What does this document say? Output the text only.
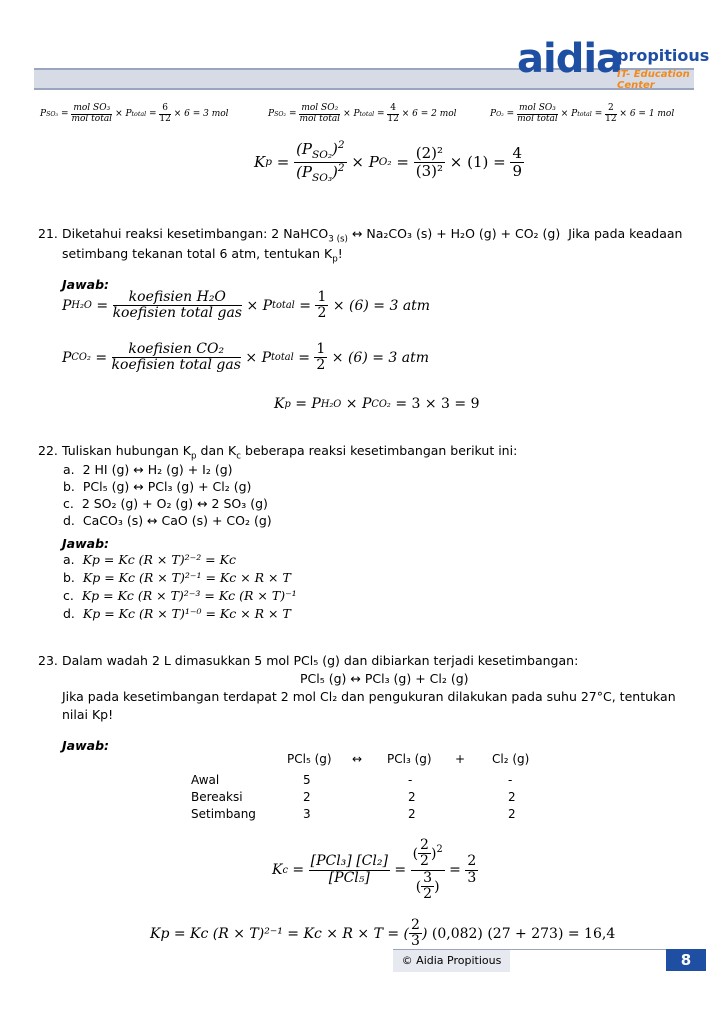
aidia
propitious
IT- Education Center
P $SO_3 = \frac{\text{mol SO₃}}{\text{mol total}}$
× P total = $\frac{6}{12}$
× 6 = 3 mol	P $SO_2 = \frac{\text{mol SO₂}}{\text{mol total}}$
× P total = $\frac{4}{12}$
× 6 = 2 mol	P $O_2 = \frac{\text{mol SO₃}}{\text{mol total}}$
× P total = $\frac{2}{12}$
× 6 = 1 mol
K $p = \frac{(P_{SO_2})^2}{(P_{SO_3})^2}$
× P $O_2 = \frac{\text{(2)²}}{\text{(3)²}}$
× (1) =
$\frac{4}{9}$
21. Diketahui reaksi kesetimbangan: 2 NaHCO$_{3 (s)}$ ↔ Na₂CO₃ (s) + H₂O (g) + CO₂ (g) Jika pada keadaan
setimbang tekanan total 6 atm, tentukan $K_p$!
Jawab:
P $H_2O = \frac{\text{koefisien H₂O}}{\text{koefisien total gas}}$
× P total = $\frac{1}{2}$
× (6) = 3 atm
P $CO_2 = \frac{\text{koefisien CO₂}}{\text{koefisien total gas}}$
× P total = $\frac{1}{2}$
× (6) = 3 atm
K p
= P H₂O
× P CO₂
= 3 × 3 = 9
22. Tuliskan hubungan $K_p$ dan $K_c$ beberapa reaksi kesetimbangan berikut ini:
a. 2 HI (g) ↔ H₂ (g) + I₂ (g)
b. PCl₅ (g) ↔ PCl₃ (g) + Cl₂ (g)
c. 2 SO₂ (g) + O₂ (g) ↔ 2 SO₃ (g)
d. CaCO₃ (s) ↔ CaO (s) + CO₂ (g)
Jawab:
a. Kp = Kc (R × T)²⁻² = Kc
b. Kp = Kc (R × T)²⁻¹ = Kc × R × T
c. Kp = Kc (R × T)²⁻³ = Kc (R × T)⁻¹
d. Kp = Kc (R × T)¹⁻⁰ = Kc × R × T
23. Dalam wadah 2 L dimasukkan 5 mol PCl₅ (g) dan dibiarkan terjadi kesetimbangan:
PCl₅ (g) ↔ PCl₃ (g) + Cl₂ (g)
Jika pada kesetimbangan terdapat 2 mol Cl₂ dan pengukuran dilakukan pada suhu 27°C, tentukan
nilai Kp!
Jawab:
PCl₅ (g) ↔ PCl₃ (g) + Cl₂ (g)
Awal	5	-	-
Bereaksi	2	2	2
Setimbang	3	2	2
K $c = \frac{\text{[PCl₃] [Cl₂]}}{\text{[PCl₅]}} = \frac{( \frac{2}{2} )^2}{( \frac{3}{2} )} = \frac{2}{3}$
Kp = Kc (R × T)²⁻¹ = Kc × R × T = ( $\frac{2}{3}$ ) (0,082) (27 + 273) = 16,4
© Aidia Propitious	8
